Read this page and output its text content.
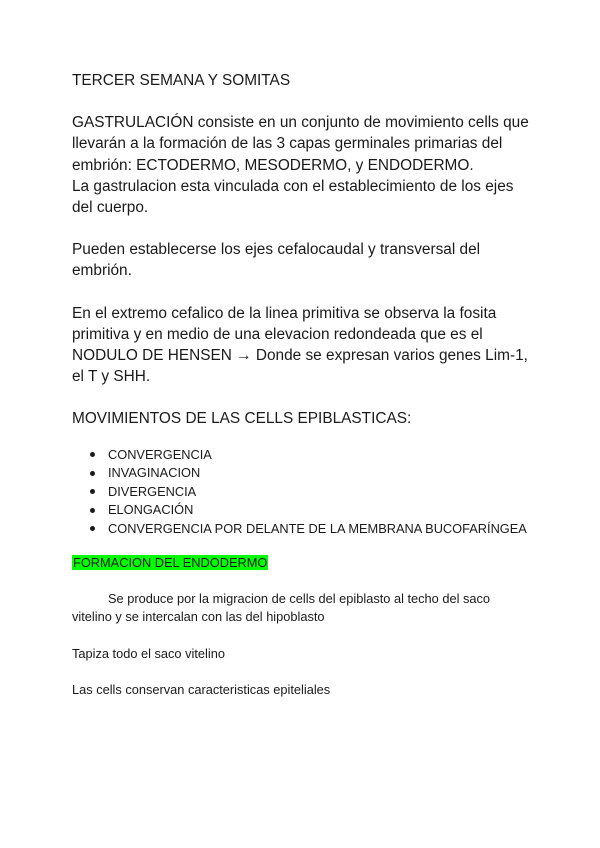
TERCER SEMANA Y SOMITAS

GASTRULACIÓN consiste en un conjunto de movimiento cells que llevarán a la formación de las 3 capas germinales primarias del embrión: ECTODERMO, MESODERMO, y ENDODERMO.

La gastrulacion esta vinculada con el establecimiento de los ejes del cuerpo.

Pueden establecerse los ejes cefalocaudal y transversal del embrión.

En el extremo cefalico de la linea primitiva se observa la fosita primitiva y en medio de una elevacion redondeada que es el NODULO DE HENSEN → Donde se expresan varios genes Lim-1, el T y SHH.

MOVIMIENTOS DE LAS CELLS EPIBLASTICAS:

CONVERGENCIA
INVAGINACION
DIVERGENCIA
ELONGACIÓN
CONVERGENCIA POR DELANTE DE LA MEMBRANA BUCOFARÍNGEA

FORMACION DEL ENDODERMO

Se produce por la migracion de cells del epiblasto al techo del saco vitelino y se intercalan con las del hipoblasto

Tapiza todo el saco vitelino

Las cells conservan caracteristicas epiteliales
